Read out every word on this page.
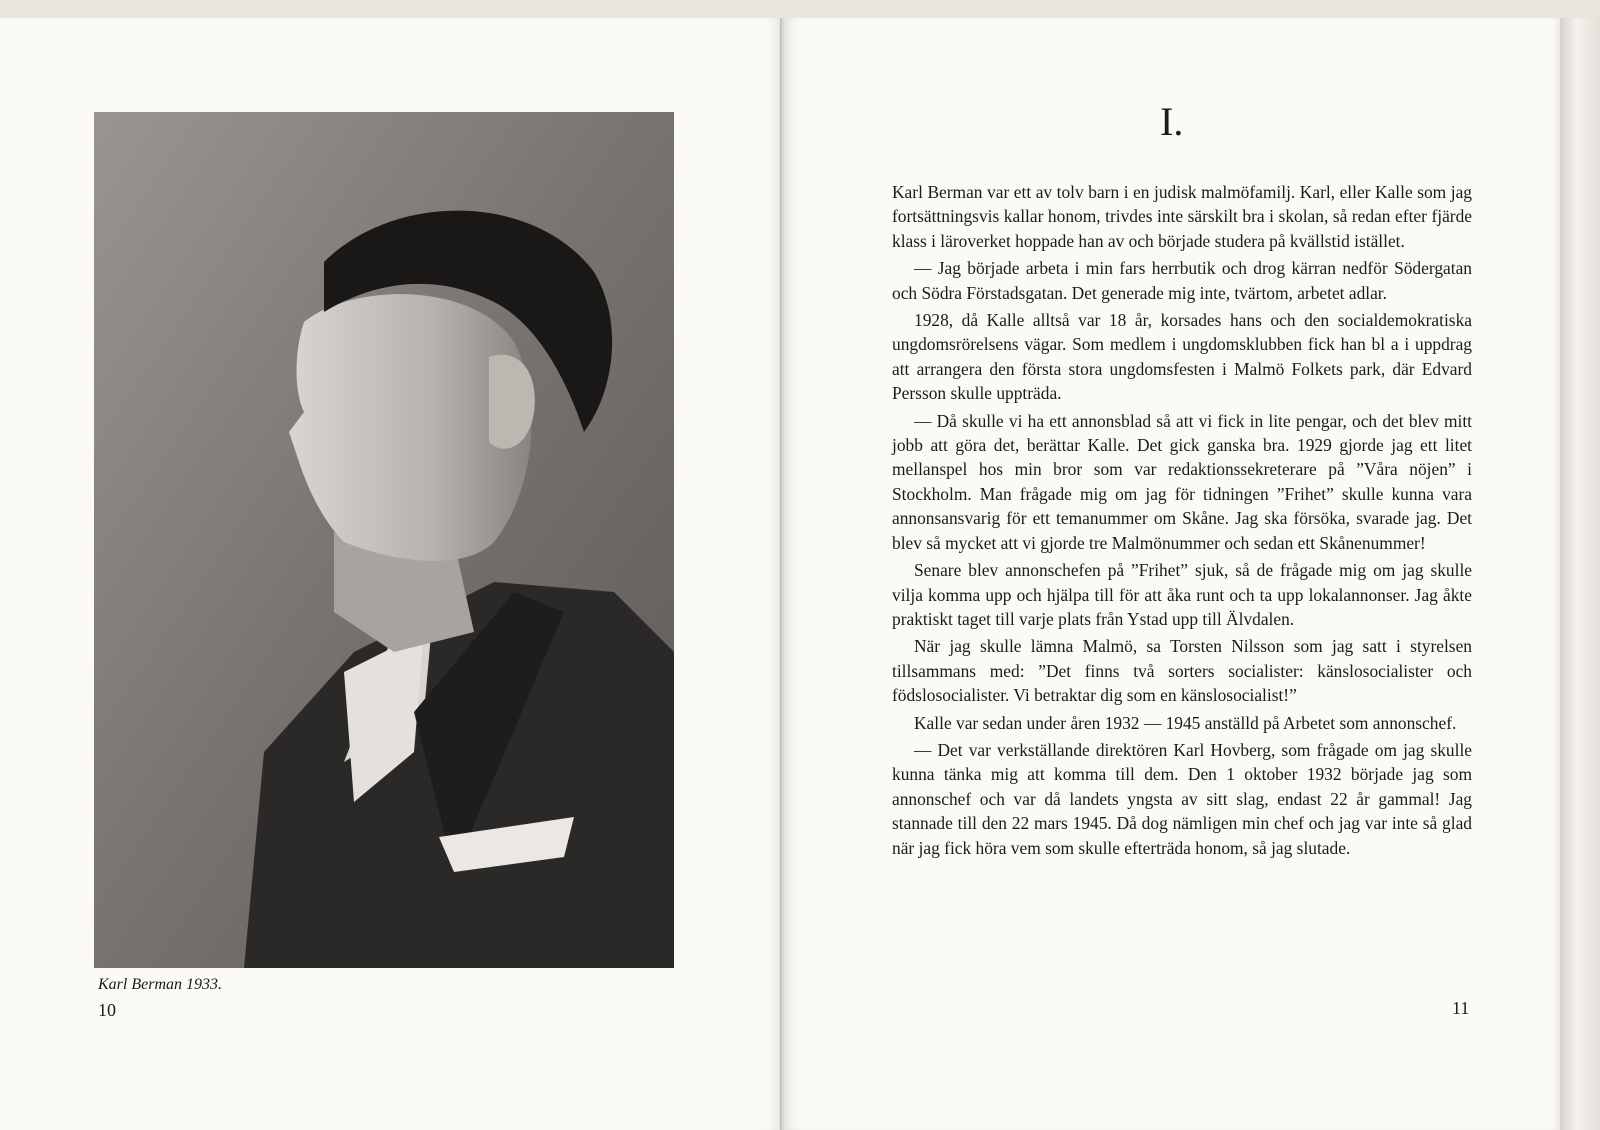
Karl Berman 1933.
10
I.

Karl Berman var ett av tolv barn i en judisk malmöfamilj. Karl, eller Kalle som jag fortsättningsvis kallar honom, trivdes inte särskilt bra i skolan, så redan efter fjärde klass i läroverket hoppade han av och började studera på kvällstid istället.

— Jag började arbeta i min fars herrbutik och drog kärran nedför Södergatan och Södra Förstadsgatan. Det generade mig inte, tvärtom, arbetet adlar.

1928, då Kalle alltså var 18 år, korsades hans och den socialdemokratiska ungdomsrörelsens vägar. Som medlem i ungdomsklubben fick han bl a i uppdrag att arrangera den första stora ungdomsfesten i Malmö Folkets park, där Edvard Persson skulle uppträda.

— Då skulle vi ha ett annonsblad så att vi fick in lite pengar, och det blev mitt jobb att göra det, berättar Kalle. Det gick ganska bra. 1929 gjorde jag ett litet mellanspel hos min bror som var redaktionssekreterare på ”Våra nöjen” i Stockholm. Man frågade mig om jag för tidningen ”Frihet” skulle kunna vara annonsansvarig för ett temanummer om Skåne. Jag ska försöka, svarade jag. Det blev så mycket att vi gjorde tre Malmönummer och sedan ett Skånenummer!

Senare blev annonschefen på ”Frihet” sjuk, så de frågade mig om jag skulle vilja komma upp och hjälpa till för att åka runt och ta upp lokalannonser. Jag åkte praktiskt taget till varje plats från Ystad upp till Älvdalen.

När jag skulle lämna Malmö, sa Torsten Nilsson som jag satt i styrelsen tillsammans med: ”Det finns två sorters socialister: känslosocialister och födslosocialister. Vi betraktar dig som en känslosocialist!”

Kalle var sedan under åren 1932 — 1945 anställd på Arbetet som annonschef.

— Det var verkställande direktören Karl Hovberg, som frågade om jag skulle kunna tänka mig att komma till dem. Den 1 oktober 1932 började jag som annonschef och var då landets yngsta av sitt slag, endast 22 år gammal! Jag stannade till den 22 mars 1945. Då dog nämligen min chef och jag var inte så glad när jag fick höra vem som skulle efterträda honom, så jag slutade.

11
